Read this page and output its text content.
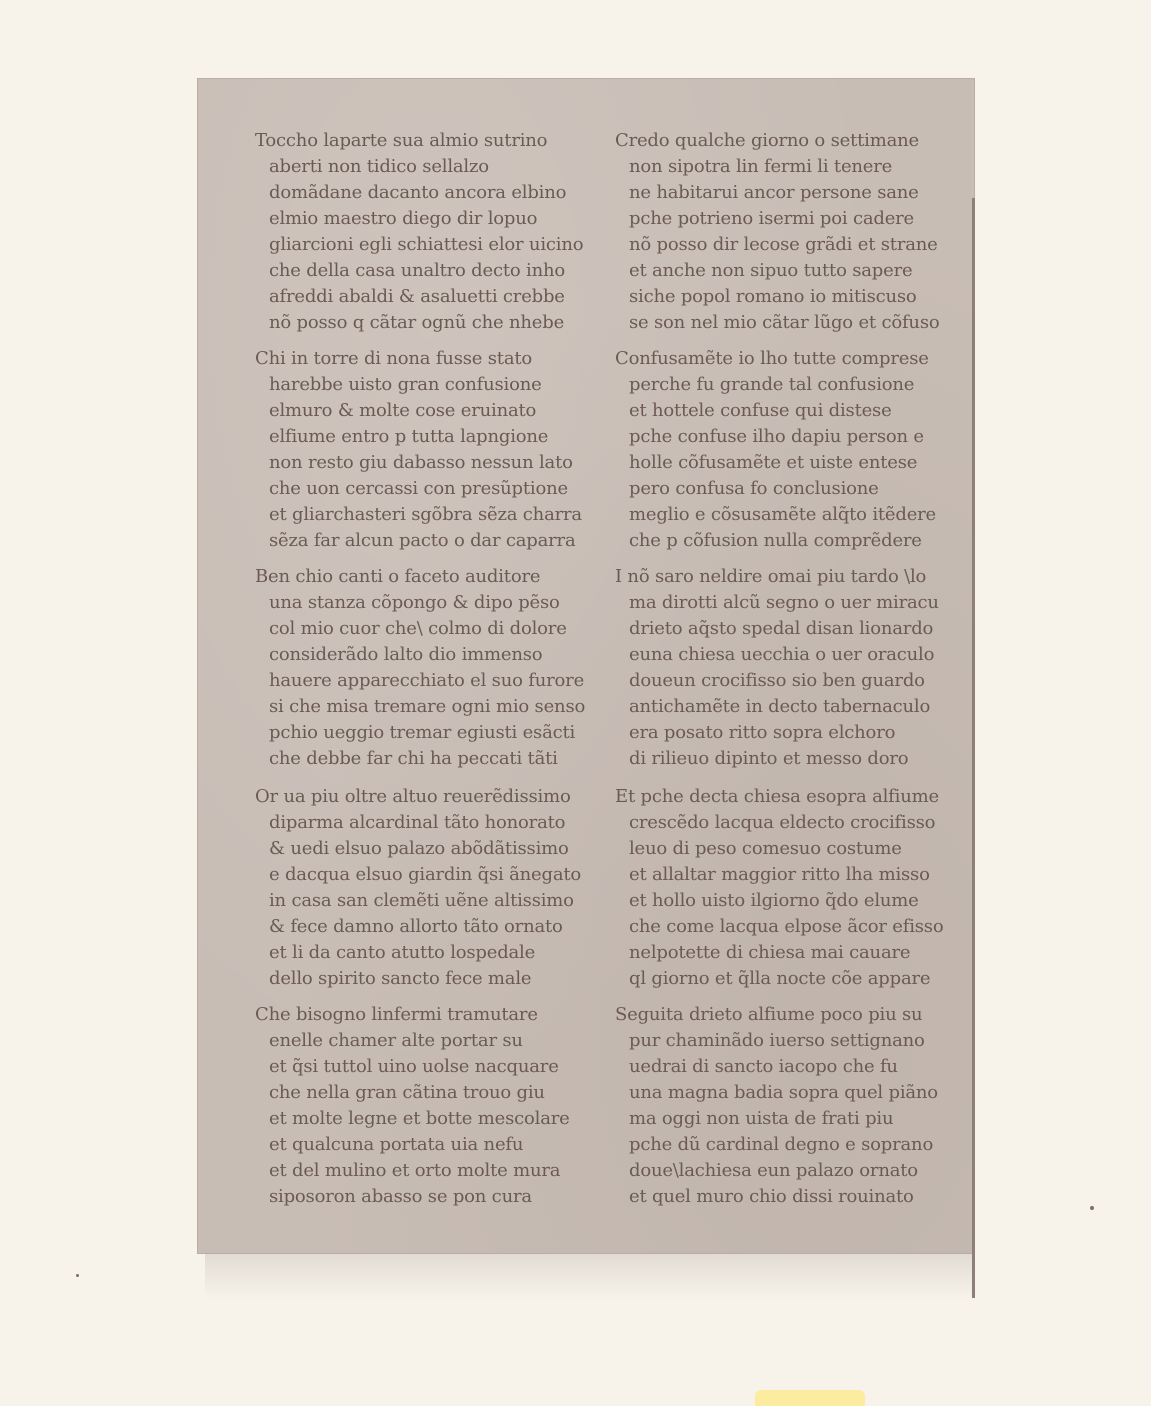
Toccho laparte sua almio sutrino
aberti non tidico sellalzo
domãdane dacanto ancora elbino
elmio maestro diego dir lopuo
gliarcioni egli schiattesi elor uicino
che della casa unaltro decto inho
afreddi abaldi & asaluetti crebbe
nõ posso q cãtar ognũ che nhebe
Chi in torre di nona fusse stato
harebbe uisto gran confusione
elmuro & molte cose eruinato
elfiume entro p tutta lapngione
non resto giu dabasso nessun lato
che uon cercassi con presũptione
et gliarchasteri sgõbra sẽza charra
sẽza far alcun pacto o dar caparra
Ben chio canti o faceto auditore
una stanza cõpongo & dipo pẽso
col mio cuor che\ colmo di dolore
considerãdo lalto dio immenso
hauere apparecchiato el suo furore
si che misa tremare ogni mio senso
pchio ueggio tremar egiusti esãcti
che debbe far chi ha peccati tãti
Or ua piu oltre altuo reuerẽdissimo
diparma alcardinal tãto honorato
& uedi elsuo palazo abõdãtissimo
e dacqua elsuo giardin q̃si ãnegato
in casa san clemẽti uẽne altissimo
& fece damno allorto tãto ornato
et li da canto atutto lospedale
dello spirito sancto fece male
Che bisogno linfermi tramutare
enelle chamer alte portar su
et q̃si tuttol uino uolse nacquare
che nella gran cãtina trouo giu
et molte legne et botte mescolare
et qualcuna portata uia nefu
et del mulino et orto molte mura
siposoron abasso se pon cura
Credo qualche giorno o settimane
non sipotra lin fermi li tenere
ne habitarui ancor persone sane
pche potrieno isermi poi cadere
nõ posso dir lecose grãdi et strane
et anche non sipuo tutto sapere
siche popol romano io mitiscuso
se son nel mio cãtar lũgo et cõfuso
Confusamẽte io lho tutte comprese
perche fu grande tal confusione
et hottele confuse qui distese
pche confuse ilho dapiu person e
holle cõfusamẽte et uiste entese
pero confusa fo conclusione
meglio e cõsusamẽte alq̃to itẽdere
che p cõfusion nulla comprẽdere
I nõ saro neldire omai piu tardo \lo
ma dirotti alcũ segno o uer miracu
drieto aq̃sto spedal disan lionardo
euna chiesa uecchia o uer oraculo
doueun crocifisso sio ben guardo
antichamẽte in decto tabernaculo
era posato ritto sopra elchoro
di rilieuo dipinto et messo doro
Et pche decta chiesa esopra alfiume
crescẽdo lacqua eldecto crocifisso
leuo di peso comesuo costume
et allaltar maggior ritto lha misso
et hollo uisto ilgiorno q̃do elume
che come lacqua elpose ãcor efisso
nelpotette di chiesa mai cauare
ql giorno et q̃lla nocte cõe appare
Seguita drieto alfiume poco piu su
pur chaminãdo iuerso settignano
uedrai di sancto iacopo che fu
una magna badia sopra quel piãno
ma oggi non uista de frati piu
pche dũ cardinal degno e soprano
doue\lachiesa eun palazo ornato
et quel muro chio dissi rouinato
